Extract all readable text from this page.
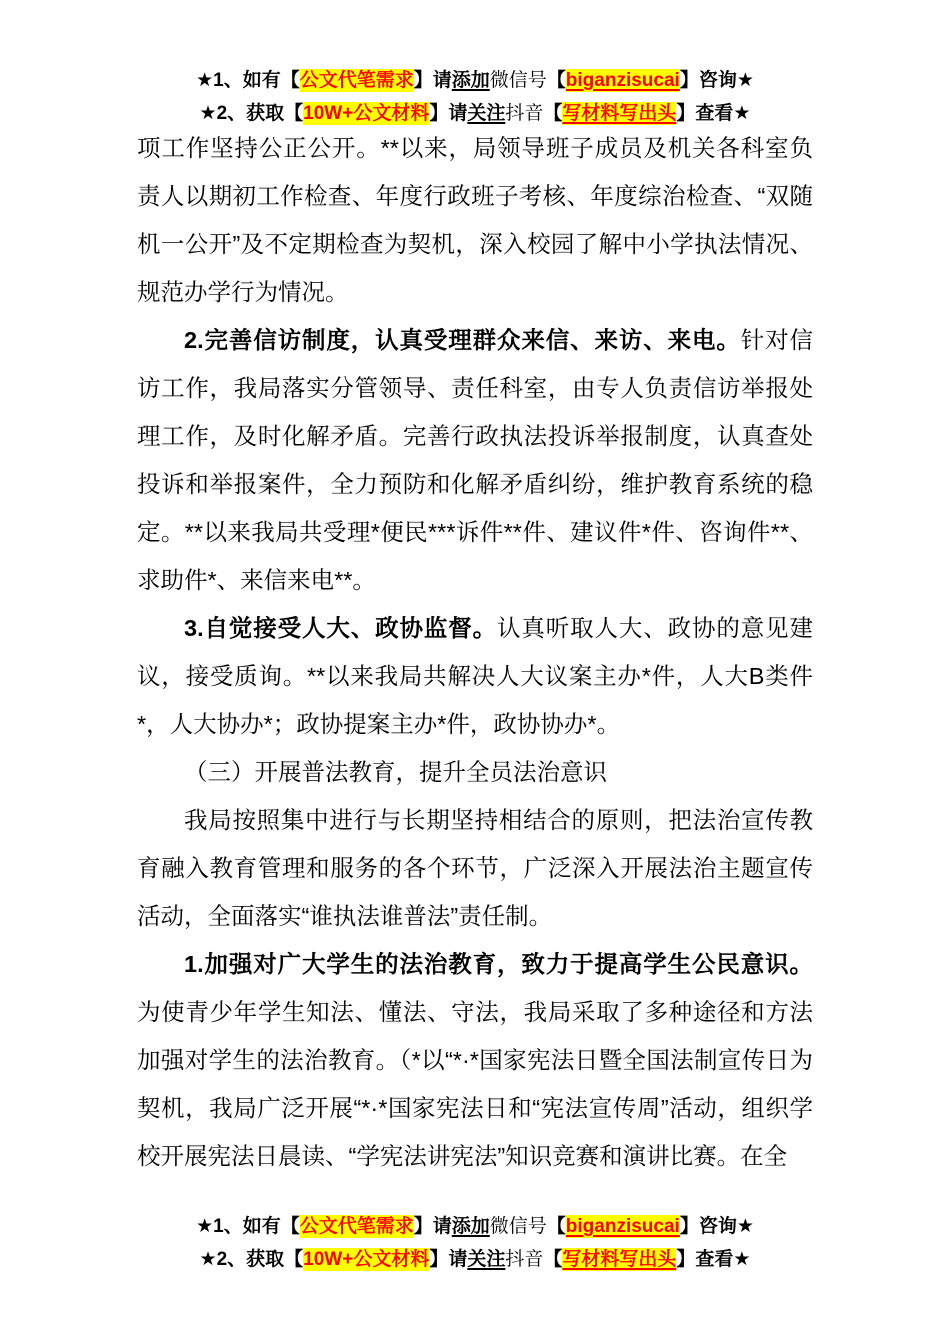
★1、如有【公文代笔需求】请添加微信号【biganzisucai】咨询★
★2、获取【10W+公文材料】请关注抖音【写材料写出头】查看★

项工作坚持公正公开。**以来，局领导班子成员及机关各科室负责人以期初工作检查、年度行政班子考核、年度综治检查、“双随机一公开”及不定期检查为契机，深入校园了解中小学执法情况、规范办学行为情况。

2.完善信访制度，认真受理群众来信、来访、来电。针对信访工作，我局落实分管领导、责任科室，由专人负责信访举报处理工作，及时化解矛盾。完善行政执法投诉举报制度，认真查处投诉和举报案件，全力预防和化解矛盾纠纷，维护教育系统的稳定。**以来我局共受理*便民***诉件**件、建议件*件、咨询件**、求助件*、来信来电**。

3.自觉接受人大、政协监督。认真听取人大、政协的意见建议，接受质询。**以来我局共解决人大议案主办*件，人大B类件*，人大协办*；政协提案主办*件，政协协办*。

（三）开展普法教育，提升全员法治意识

我局按照集中进行与长期坚持相结合的原则，把法治宣传教育融入教育管理和服务的各个环节，广泛深入开展法治主题宣传活动，全面落实“谁执法谁普法”责任制。

1.加强对广大学生的法治教育，致力于提高学生公民意识。为使青少年学生知法、懂法、守法，我局采取了多种途径和方法加强对学生的法治教育。（*以“*·*国家宪法日暨全国法制宣传日为契机，我局广泛开展“*·*国家宪法日和“宪法宣传周”活动，组织学校开展宪法日晨读、“学宪法讲宪法”知识竞赛和演讲比赛。在全

★1、如有【公文代笔需求】请添加微信号【biganzisucai】咨询★
★2、获取【10W+公文材料】请关注抖音【写材料写出头】查看★
